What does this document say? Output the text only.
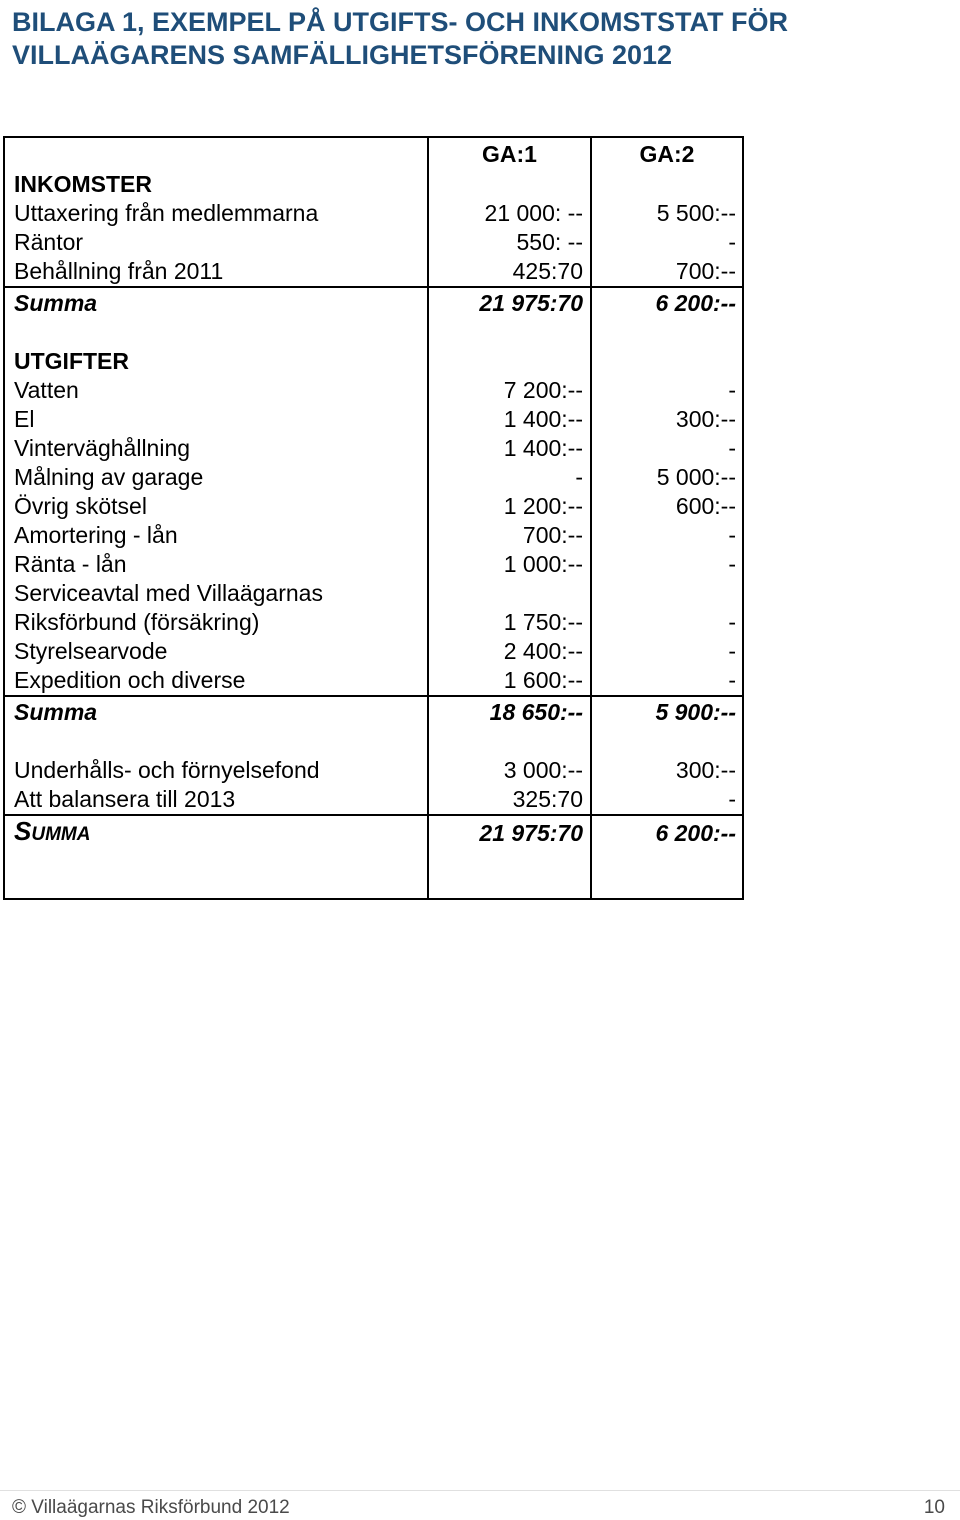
BILAGA 1, EXEMPEL PÅ UTGIFTS- OCH INKOMSTSTAT FÖR
VILLAÄGARENS SAMFÄLLIGHETSFÖRENING 2012
	GA:1	GA:2
INKOMSTER		
Uttaxering från medlemmarna	21 000: --	5 500:--
Räntor	550: --	-
Behållning från 2011	425:70	700:--
Summa	21 975:70	6 200:--

UTGIFTER		
Vatten	7 200:--	-
El	1 400:--	300:--
Vinterväghållning	1 400:--	-
Målning av garage	-	5 000:--
Övrig skötsel	1 200:--	600:--
Amortering - lån	700:--	-
Ränta - lån	1 000:--	-
Serviceavtal med Villaägarnas		
Riksförbund (försäkring)	1 750:--	-
Styrelsearvode	2 400:--	-
Expedition och diverse	1 600:--	-
Summa	18 650:--	5 900:--

Underhålls- och förnyelsefond	3 000:--	300:--
Att balansera till 2013	325:70	-
SUMMA	21 975:70	6 200:--

© Villaägarnas Riksförbund 2012	10
